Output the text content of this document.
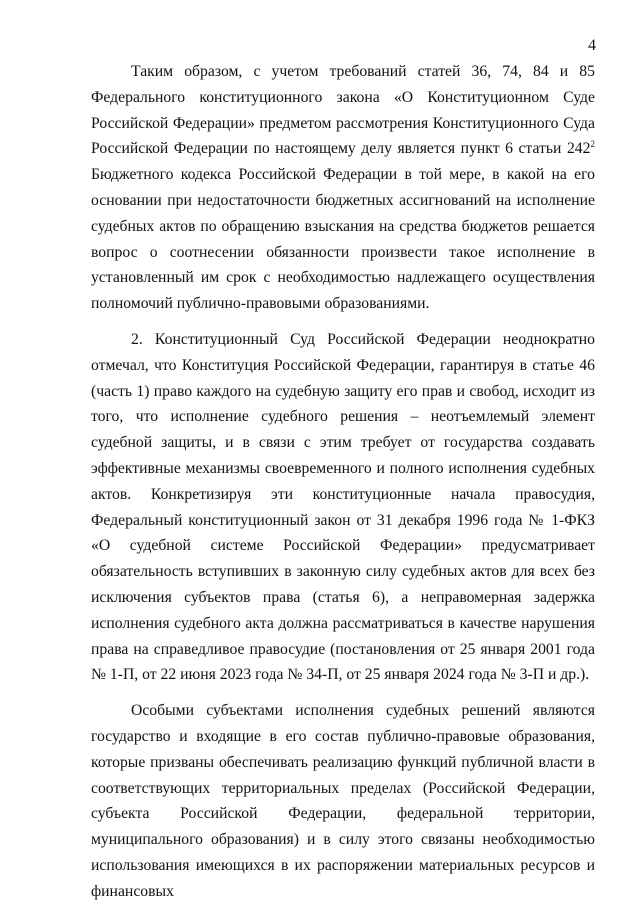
4

Таким образом, с учетом требований статей 36, 74, 84 и 85 Федерального конституционного закона «О Конституционном Суде Российской Федерации» предметом рассмотрения Конституционного Суда Российской Федерации по настоящему делу является пункт 6 статьи $242^2$ Бюджетного кодекса Российской Федерации в той мере, в какой на его основании при недостаточности бюджетных ассигнований на исполнение судебных актов по обращению взыскания на средства бюджетов решается вопрос о соотнесении обязанности произвести такое исполнение в установленный им срок с необходимостью надлежащего осуществления полномочий публично-правовыми образованиями.

2. Конституционный Суд Российской Федерации неоднократно отмечал, что Конституция Российской Федерации, гарантируя в статье 46 (часть 1) право каждого на судебную защиту его прав и свобод, исходит из того, что исполнение судебного решения – неотъемлемый элемент судебной защиты, и в связи с этим требует от государства создавать эффективные механизмы своевременного и полного исполнения судебных актов. Конкретизируя эти конституционные начала правосудия, Федеральный конституционный закон от 31 декабря 1996 года № 1-ФКЗ «О судебной системе Российской Федерации» предусматривает обязательность вступивших в законную силу судебных актов для всех без исключения субъектов права (статья 6), а неправомерная задержка исполнения судебного акта должна рассматриваться в качестве нарушения права на справедливое правосудие (постановления от 25 января 2001 года № 1-П, от 22 июня 2023 года № 34-П, от 25 января 2024 года № 3-П и др.).

Особыми субъектами исполнения судебных решений являются государство и входящие в его состав публично-правовые образования, которые призваны обеспечивать реализацию функций публичной власти в соответствующих территориальных пределах (Российской Федерации, субъекта Российской Федерации, федеральной территории, муниципального образования) и в силу этого связаны необходимостью использования имеющихся в их распоряжении материальных ресурсов и финансовых
